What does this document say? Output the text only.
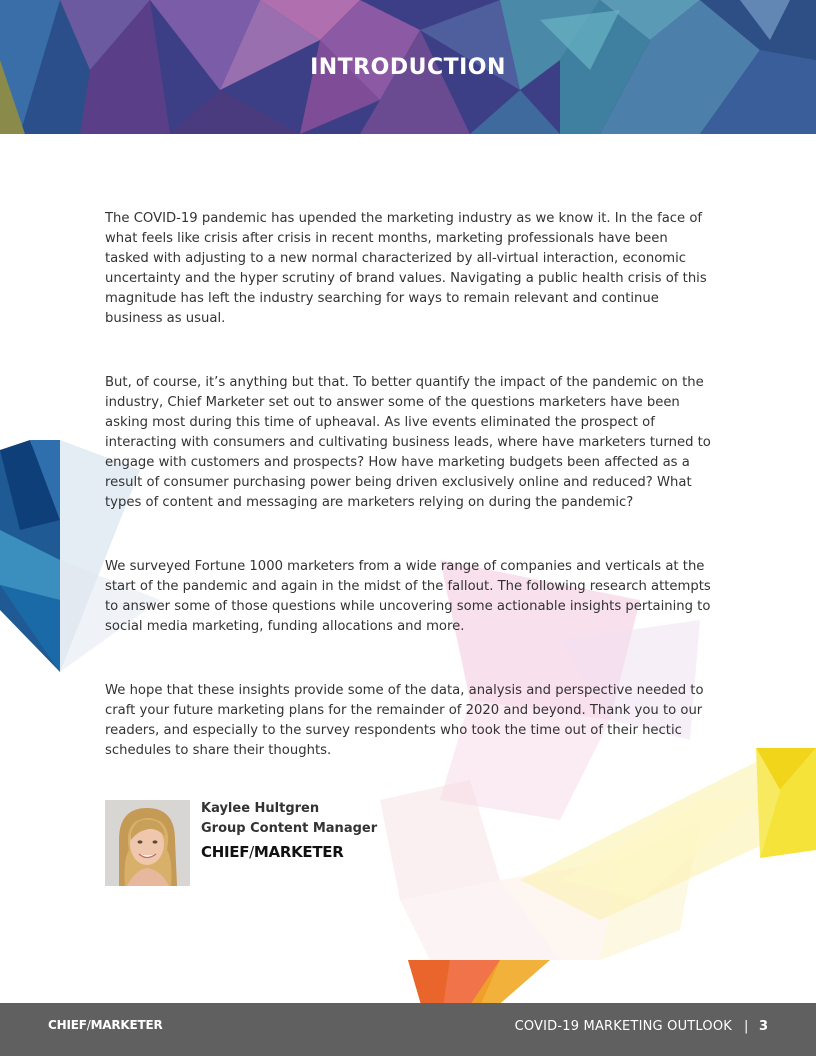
INTRODUCTION

The COVID-19 pandemic has upended the marketing industry as we know it. In the face of what feels like crisis after crisis in recent months, marketing professionals have been tasked with adjusting to a new normal characterized by all-virtual interaction, economic uncertainty and the hyper scrutiny of brand values. Navigating a public health crisis of this magnitude has left the industry searching for ways to remain relevant and continue business as usual.

But, of course, it’s anything but that. To better quantify the impact of the pandemic on the industry, Chief Marketer set out to answer some of the questions marketers have been asking most during this time of upheaval. As live events eliminated the prospect of interacting with consumers and cultivating business leads, where have marketers turned to engage with customers and prospects? How have marketing budgets been affected as a result of consumer purchasing power being driven exclusively online and reduced? What types of content and messaging are marketers relying on during the pandemic?

We surveyed Fortune 1000 marketers from a wide range of companies and verticals at the start of the pandemic and again in the midst of the fallout. The following research attempts to answer some of those questions while uncovering some actionable insights pertaining to social media marketing, funding allocations and more.

We hope that these insights provide some of the data, analysis and perspective needed to craft your future marketing plans for the remainder of 2020 and beyond. Thank you to our readers, and especially to the survey respondents who took the time out of their hectic schedules to share their thoughts.

Kaylee Hultgren
Group Content Manager
CHIEF/MARKETER
CHIEF/MARKETER	COVID-19 MARKETING OUTLOOK | 3
